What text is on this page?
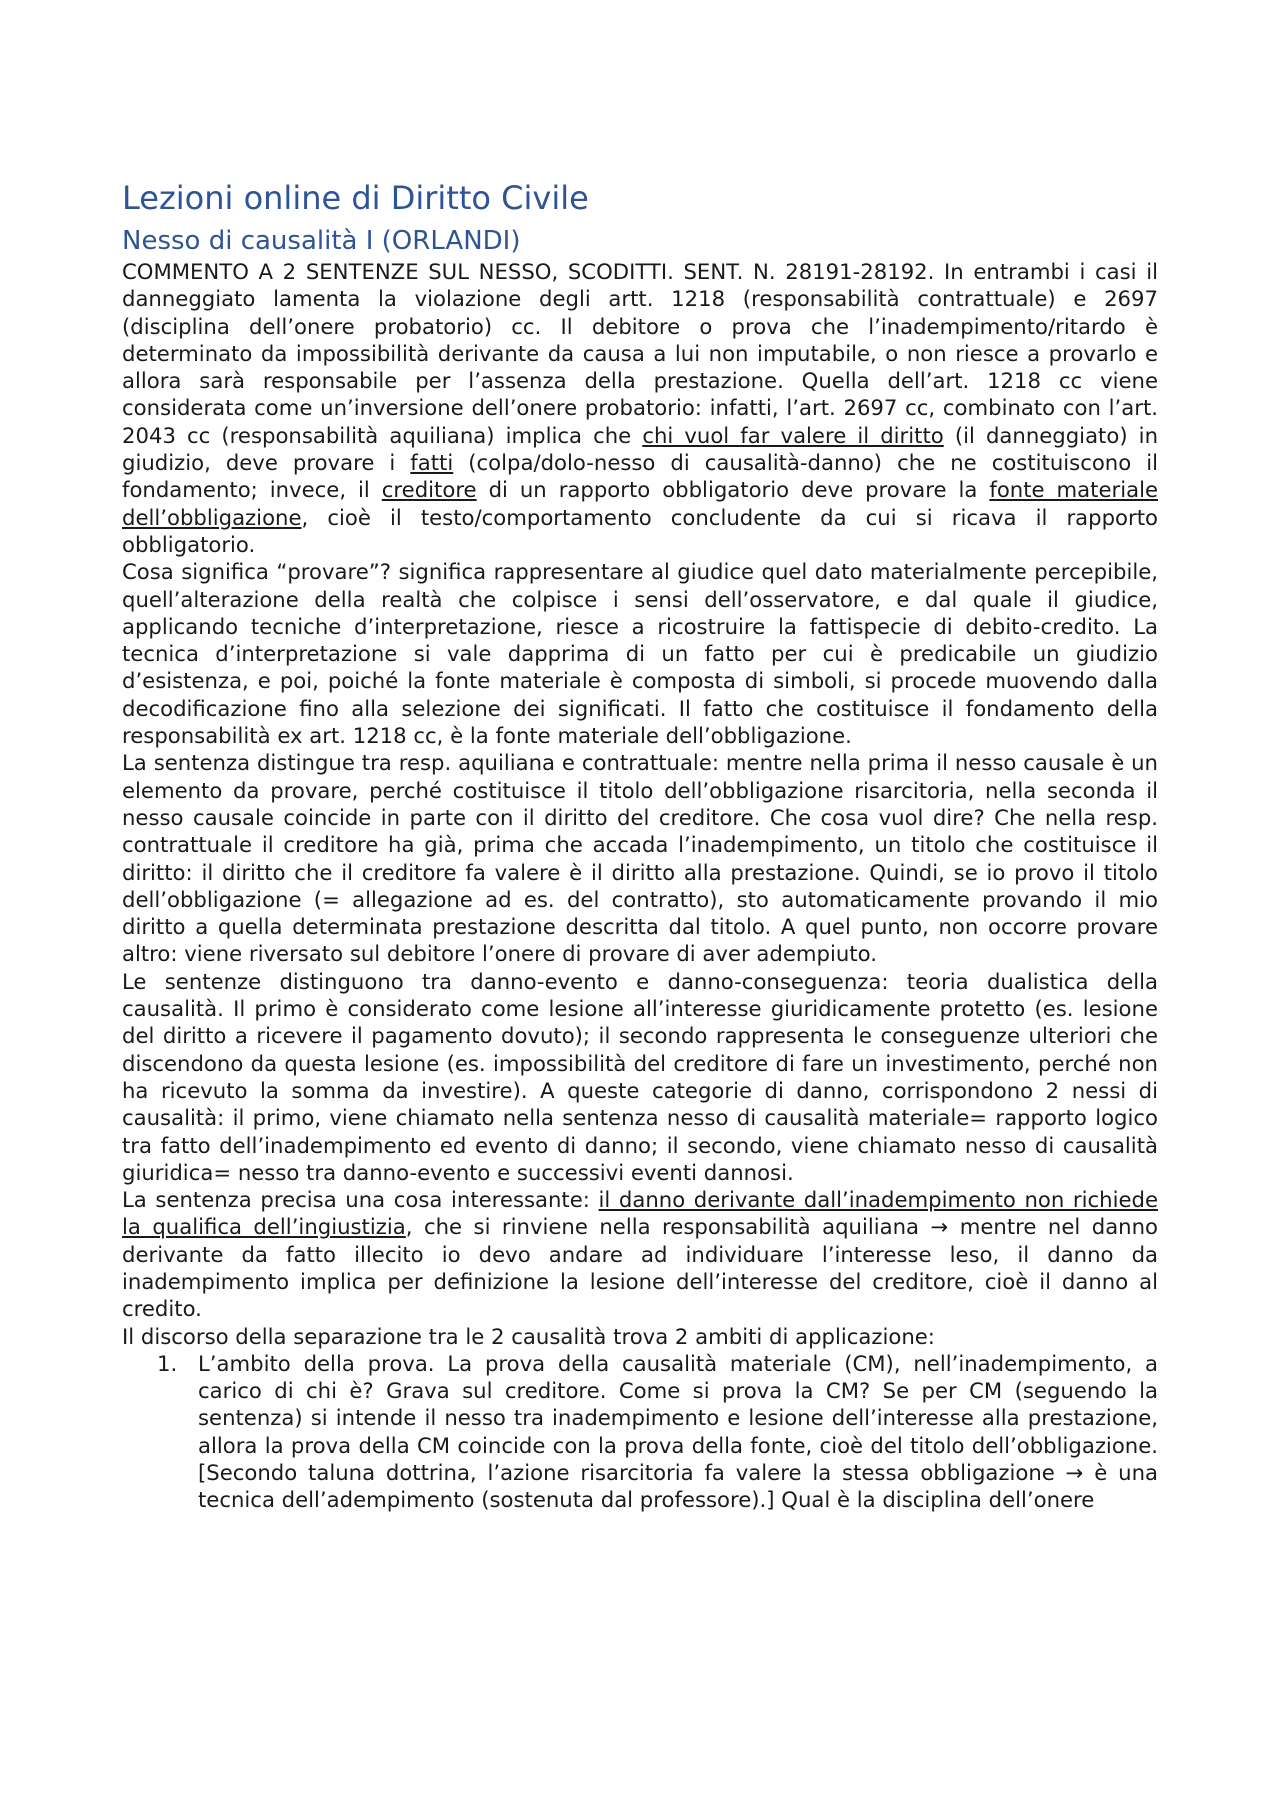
Lezioni online di Diritto Civile
Nesso di causalità I (ORLANDI)

COMMENTO A 2 SENTENZE SUL NESSO, SCODITTI. SENT. N. 28191-28192. In entrambi i casi il danneggiato lamenta la violazione degli artt. 1218 (responsabilità contrattuale) e 2697 (disciplina dell’onere probatorio) cc. Il debitore o prova che l’inadempimento/ritardo è determinato da impossibilità derivante da causa a lui non imputabile, o non riesce a provarlo e allora sarà responsabile per l’assenza della prestazione. Quella dell’art. 1218 cc viene considerata come un’inversione dell’onere probatorio: infatti, l’art. 2697 cc, combinato con l’art. 2043 cc (responsabilità aquiliana) implica che chi vuol far valere il diritto (il danneggiato) in giudizio, deve provare i fatti (colpa/dolo-nesso di causalità-danno) che ne costituiscono il fondamento; invece, il creditore di un rapporto obbligatorio deve provare la fonte materiale dell’obbligazione, cioè il testo/comportamento concludente da cui si ricava il rapporto obbligatorio.

Cosa significa “provare”? significa rappresentare al giudice quel dato materialmente percepibile, quell’alterazione della realtà che colpisce i sensi dell’osservatore, e dal quale il giudice, applicando tecniche d’interpretazione, riesce a ricostruire la fattispecie di debito-credito. La tecnica d’interpretazione si vale dapprima di un fatto per cui è predicabile un giudizio d’esistenza, e poi, poiché la fonte materiale è composta di simboli, si procede muovendo dalla decodificazione fino alla selezione dei significati. Il fatto che costituisce il fondamento della responsabilità ex art. 1218 cc, è la fonte materiale dell’obbligazione.

La sentenza distingue tra resp. aquiliana e contrattuale: mentre nella prima il nesso causale è un elemento da provare, perché costituisce il titolo dell’obbligazione risarcitoria, nella seconda il nesso causale coincide in parte con il diritto del creditore. Che cosa vuol dire? Che nella resp. contrattuale il creditore ha già, prima che accada l’inadempimento, un titolo che costituisce il diritto: il diritto che il creditore fa valere è il diritto alla prestazione. Quindi, se io provo il titolo dell’obbligazione (= allegazione ad es. del contratto), sto automaticamente provando il mio diritto a quella determinata prestazione descritta dal titolo. A quel punto, non occorre provare altro: viene riversato sul debitore l’onere di provare di aver adempiuto.

Le sentenze distinguono tra danno-evento e danno-conseguenza: teoria dualistica della causalità. Il primo è considerato come lesione all’interesse giuridicamente protetto (es. lesione del diritto a ricevere il pagamento dovuto); il secondo rappresenta le conseguenze ulteriori che discendono da questa lesione (es. impossibilità del creditore di fare un investimento, perché non ha ricevuto la somma da investire). A queste categorie di danno, corrispondono 2 nessi di causalità: il primo, viene chiamato nella sentenza nesso di causalità materiale= rapporto logico tra fatto dell’inadempimento ed evento di danno; il secondo, viene chiamato nesso di causalità giuridica= nesso tra danno-evento e successivi eventi dannosi.

La sentenza precisa una cosa interessante: il danno derivante dall’inadempimento non richiede la qualifica dell’ingiustizia, che si rinviene nella responsabilità aquiliana → mentre nel danno derivante da fatto illecito io devo andare ad individuare l’interesse leso, il danno da inadempimento implica per definizione la lesione dell’interesse del creditore, cioè il danno al credito.

Il discorso della separazione tra le 2 causalità trova 2 ambiti di applicazione:

1. L’ambito della prova. La prova della causalità materiale (CM), nell’inadempimento, a carico di chi è? Grava sul creditore. Come si prova la CM? Se per CM (seguendo la sentenza) si intende il nesso tra inadempimento e lesione dell’interesse alla prestazione, allora la prova della CM coincide con la prova della fonte, cioè del titolo dell’obbligazione. [Secondo taluna dottrina, l’azione risarcitoria fa valere la stessa obbligazione → è una tecnica dell’adempimento (sostenuta dal professore).] Qual è la disciplina dell’onere
